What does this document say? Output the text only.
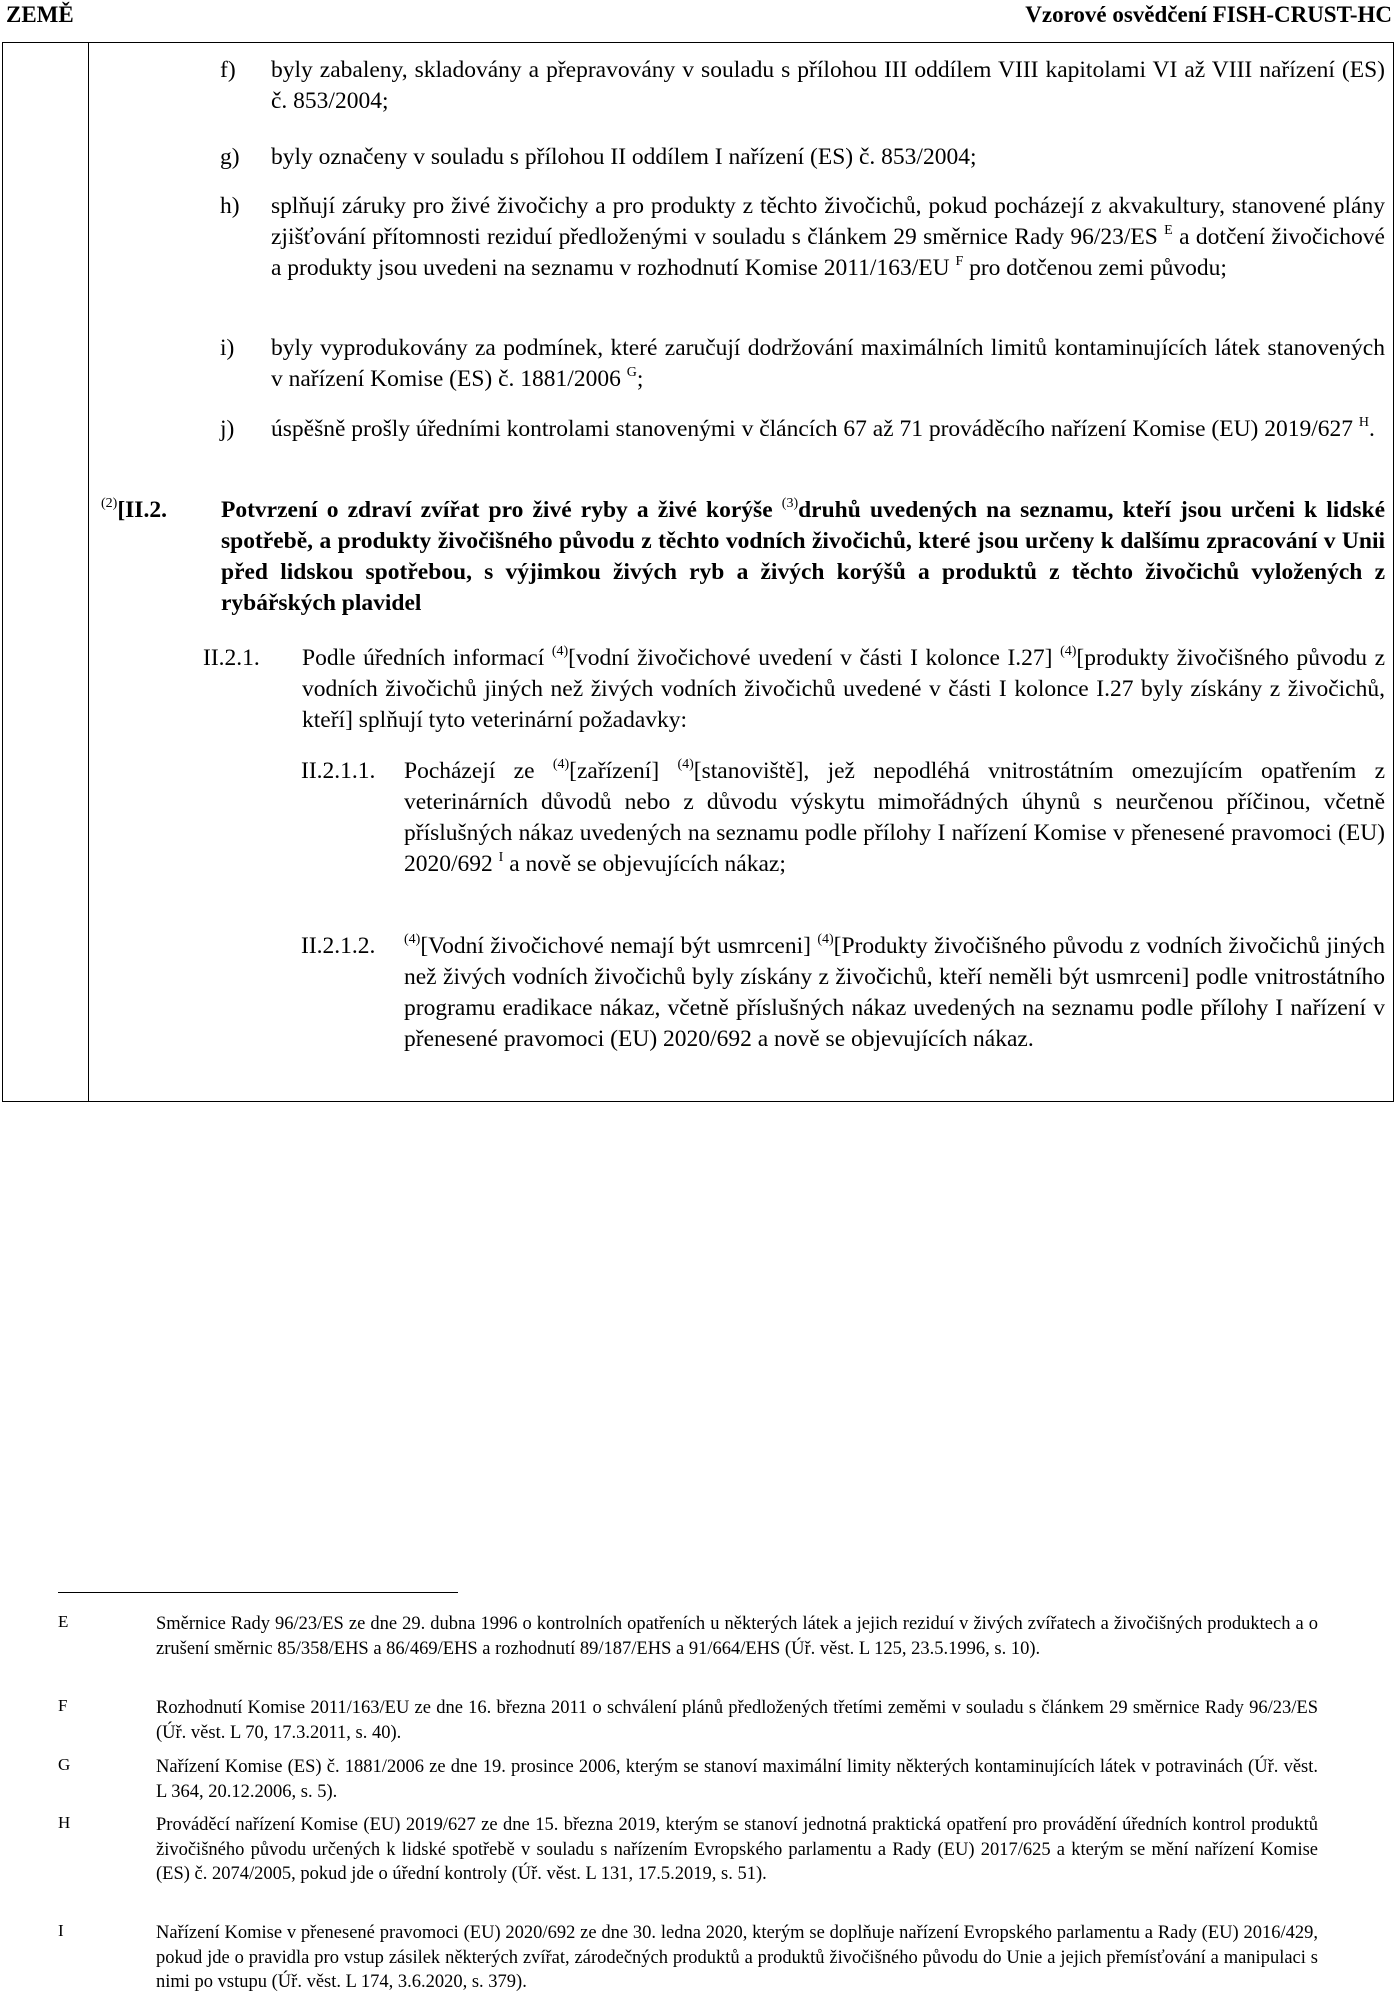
ZEMĚ	Vzorové osvědčení FISH-CRUST-HC
f) byly zabaleny, skladovány a přepravovány v souladu s přílohou III oddílem VIII kapitolami VI až VIII nařízení (ES) č. 853/2004;
g) byly označeny v souladu s přílohou II oddílem I nařízení (ES) č. 853/2004;
h) splňují záruky pro živé živočichy a pro produkty z těchto živočichů, pokud pocházejí z akvakultury, stanovené plány zjišťování přítomnosti reziduí předloženými v souladu s článkem 29 směrnice Rady 96/23/ES $^E$ a dotčení živočichové a produkty jsou uvedeni na seznamu v rozhodnutí Komise 2011/163/EU $^F$ pro dotčenou zemi původu;
i) byly vyprodukovány za podmínek, které zaručují dodržování maximálních limitů kontaminujících látek stanovených v nařízení Komise (ES) č. 1881/2006 $^G$;
j) úspěšně prošly úředními kontrolami stanovenými v článcích 67 až 71 prováděcího nařízení Komise (EU) 2019/627 $^H$.
$^{(2)}$[II.2. Potvrzení o zdraví zvířat pro živé ryby a živé korýše $^{(3)}$druhů uvedených na seznamu, kteří jsou určeni k lidské spotřebě, a produkty živočišného původu z těchto vodních živočichů, které jsou určeny k dalšímu zpracování v Unii před lidskou spotřebou, s výjimkou živých ryb a živých korýšů a produktů z těchto živočichů vyložených z rybářských plavidel
II.2.1. Podle úředních informací $^{(4)}$[vodní živočichové uvedení v části I kolonce I.27] $^{(4)}$[produkty živočišného původu z vodních živočichů jiných než živých vodních živočichů uvedené v části I kolonce I.27 byly získány z živočichů, kteří] splňují tyto veterinární požadavky:
II.2.1.1. Pocházejí ze $^{(4)}$[zařízení] $^{(4)}$[stanoviště], jež nepodléhá vnitrostátním omezujícím opatřením z veterinárních důvodů nebo z důvodu výskytu mimořádných úhynů s neurčenou příčinou, včetně příslušných nákaz uvedených na seznamu podle přílohy I nařízení Komise v přenesené pravomoci (EU) 2020/692 $^I$ a nově se objevujících nákaz;
II.2.1.2. $^{(4)}$[Vodní živočichové nemají být usmrceni] $^{(4)}$[Produkty živočišného původu z vodních živočichů jiných než živých vodních živočichů byly získány z živočichů, kteří neměli být usmrceni] podle vnitrostátního programu eradikace nákaz, včetně příslušných nákaz uvedených na seznamu podle přílohy I nařízení v přenesené pravomoci (EU) 2020/692 a nově se objevujících nákaz.
E	Směrnice Rady 96/23/ES ze dne 29. dubna 1996 o kontrolních opatřeních u některých látek a jejich reziduí v živých zvířatech a živočišných produktech a o zrušení směrnic 85/358/EHS a 86/469/EHS a rozhodnutí 89/187/EHS a 91/664/EHS (Úř. věst. L 125, 23.5.1996, s. 10).
F	Rozhodnutí Komise 2011/163/EU ze dne 16. března 2011 o schválení plánů předložených třetími zeměmi v souladu s článkem 29 směrnice Rady 96/23/ES (Úř. věst. L 70, 17.3.2011, s. 40).
G	Nařízení Komise (ES) č. 1881/2006 ze dne 19. prosince 2006, kterým se stanoví maximální limity některých kontaminujících látek v potravinách (Úř. věst. L 364, 20.12.2006, s. 5).
H	Prováděcí nařízení Komise (EU) 2019/627 ze dne 15. března 2019, kterým se stanoví jednotná praktická opatření pro provádění úředních kontrol produktů živočišného původu určených k lidské spotřebě v souladu s nařízením Evropského parlamentu a Rady (EU) 2017/625 a kterým se mění nařízení Komise (ES) č. 2074/2005, pokud jde o úřední kontroly (Úř. věst. L 131, 17.5.2019, s. 51).
I	Nařízení Komise v přenesené pravomoci (EU) 2020/692 ze dne 30. ledna 2020, kterým se doplňuje nařízení Evropského parlamentu a Rady (EU) 2016/429, pokud jde o pravidla pro vstup zásilek některých zvířat, zárodečných produktů a produktů živočišného původu do Unie a jejich přemísťování a manipulaci s nimi po vstupu (Úř. věst. L 174, 3.6.2020, s. 379).
